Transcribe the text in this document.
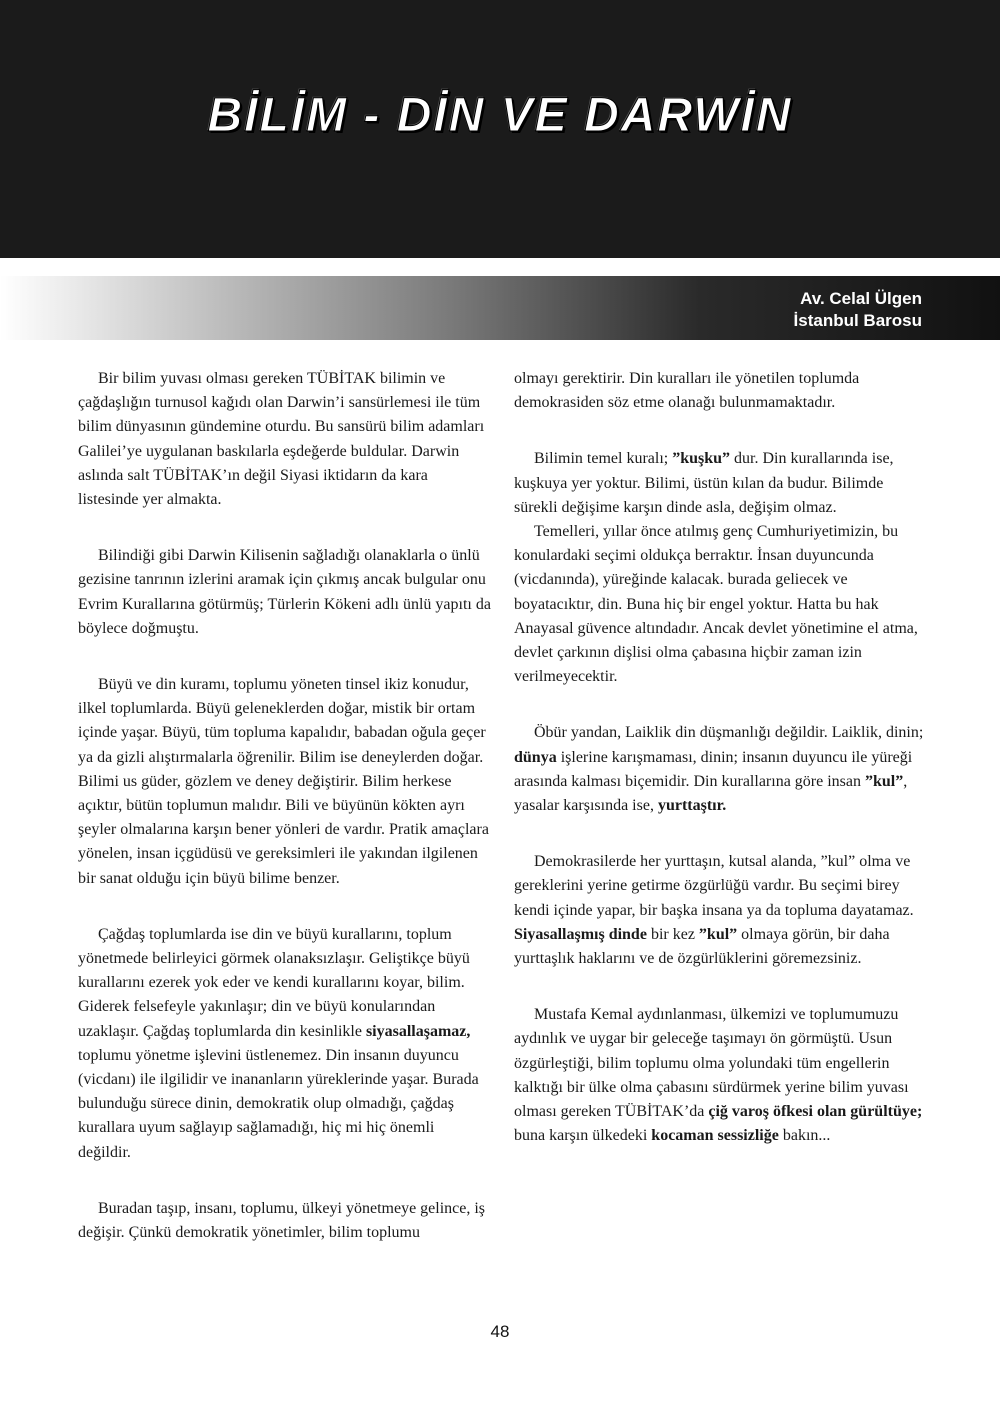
BİLİM - DİN VE DARWİN
Av. Celal Ülgen
İstanbul Barosu

Bir bilim yuvası olması gereken TÜBİTAK bilimin ve çağdaşlığın turnusol kağıdı olan Darwin’i sansürlemesi ile tüm bilim dünyasının gündemine oturdu. Bu sansürü bilim adamları Galilei’ye uygulanan baskılarla eşdeğerde buldular. Darwin aslında salt TÜBİTAK’ın değil Siyasi iktidarın da kara listesinde yer almakta.

Bilindiği gibi Darwin Kilisenin sağladığı olanaklarla o ünlü gezisine tanrının izlerini aramak için çıkmış ancak bulgular onu Evrim Kurallarına götürmüş; Türlerin Kökeni adlı ünlü yapıtı da böylece doğmuştu.

Büyü ve din kuramı, toplumu yöneten tinsel ikiz konudur, ilkel toplumlarda. Büyü geleneklerden doğar, mistik bir ortam içinde yaşar. Büyü, tüm topluma kapalıdır, babadan oğula geçer ya da gizli alıştırmalarla öğrenilir. Bilim ise deneylerden doğar. Bilimi us güder, gözlem ve deney değiştirir. Bilim herkese açıktır, bütün toplumun malıdır. Bili ve büyünün kökten ayrı şeyler olmalarına karşın bener yönleri de vardır. Pratik amaçlara yönelen, insan içgüdüsü ve gereksimleri ile yakından ilgilenen bir sanat olduğu için büyü bilime benzer.

Çağdaş toplumlarda ise din ve büyü kurallarını, toplum yönetmede belirleyici görmek olanaksızlaşır. Geliştikçe büyü kurallarını ezerek yok eder ve kendi kurallarını koyar, bilim. Giderek felsefeyle yakınlaşır; din ve büyü konularından uzaklaşır. Çağdaş toplumlarda din kesinlikle siyasallaşamaz, toplumu yönetme işlevini üstlenemez. Din insanın duyuncu (vicdanı) ile ilgilidir ve inananların yüreklerinde yaşar. Burada bulunduğu sürece dinin, demokratik olup olmadığı, çağdaş kurallara uyum sağlayıp sağlamadığı, hiç mi hiç önemli değildir.

Buradan taşıp, insanı, toplumu, ülkeyi yönetmeye gelince, iş değişir. Çünkü demokratik yönetimler, bilim toplumu

olmayı gerektirir. Din kuralları ile yönetilen toplumda demokrasiden söz etme olanağı bulunmamaktadır.

Bilimin temel kuralı; ”kuşku” dur. Din kurallarında ise, kuşkuya yer yoktur. Bilimi, üstün kılan da budur. Bilimde sürekli değişime karşın dinde asla, değişim olmaz.

Temelleri, yıllar önce atılmış genç Cumhuriyetimizin, bu konulardaki seçimi oldukça berraktır. İnsan duyuncunda (vicdanında), yüreğinde kalacak. burada geliecek ve boyatacıktır, din. Buna hiç bir engel yoktur. Hatta bu hak Anayasal güvence altındadır. Ancak devlet yönetimine el atma, devlet çarkının dişlisi olma çabasına hiçbir zaman izin verilmeyecektir.

Öbür yandan, Laiklik din düşmanlığı değildir. Laiklik, dinin; dünya işlerine karışmaması, dinin; insanın duyuncu ile yüreği arasında kalması biçemidir. Din kurallarına göre insan ”kul”, yasalar karşısında ise, yurttaştır.

Demokrasilerde her yurttaşın, kutsal alanda, ”kul” olma ve gereklerini yerine getirme özgürlüğü vardır. Bu seçimi birey kendi içinde yapar, bir başka insana ya da topluma dayatamaz. Siyasallaşmış dinde bir kez ”kul” olmaya görün, bir daha yurttaşlık haklarını ve de özgürlüklerini göremezsiniz.

Mustafa Kemal aydınlanması, ülkemizi ve toplumumuzu aydınlık ve uygar bir geleceğe taşımayı ön görmüştü. Usun özgürleştiği, bilim toplumu olma yolundaki tüm engellerin kalktığı bir ülke olma çabasını sürdürmek yerine bilim yuvası olması gereken TÜBİTAK’da çiğ varoş öfkesi olan gürültüye; buna karşın ülkedeki kocaman sessizliğe bakın...

48
